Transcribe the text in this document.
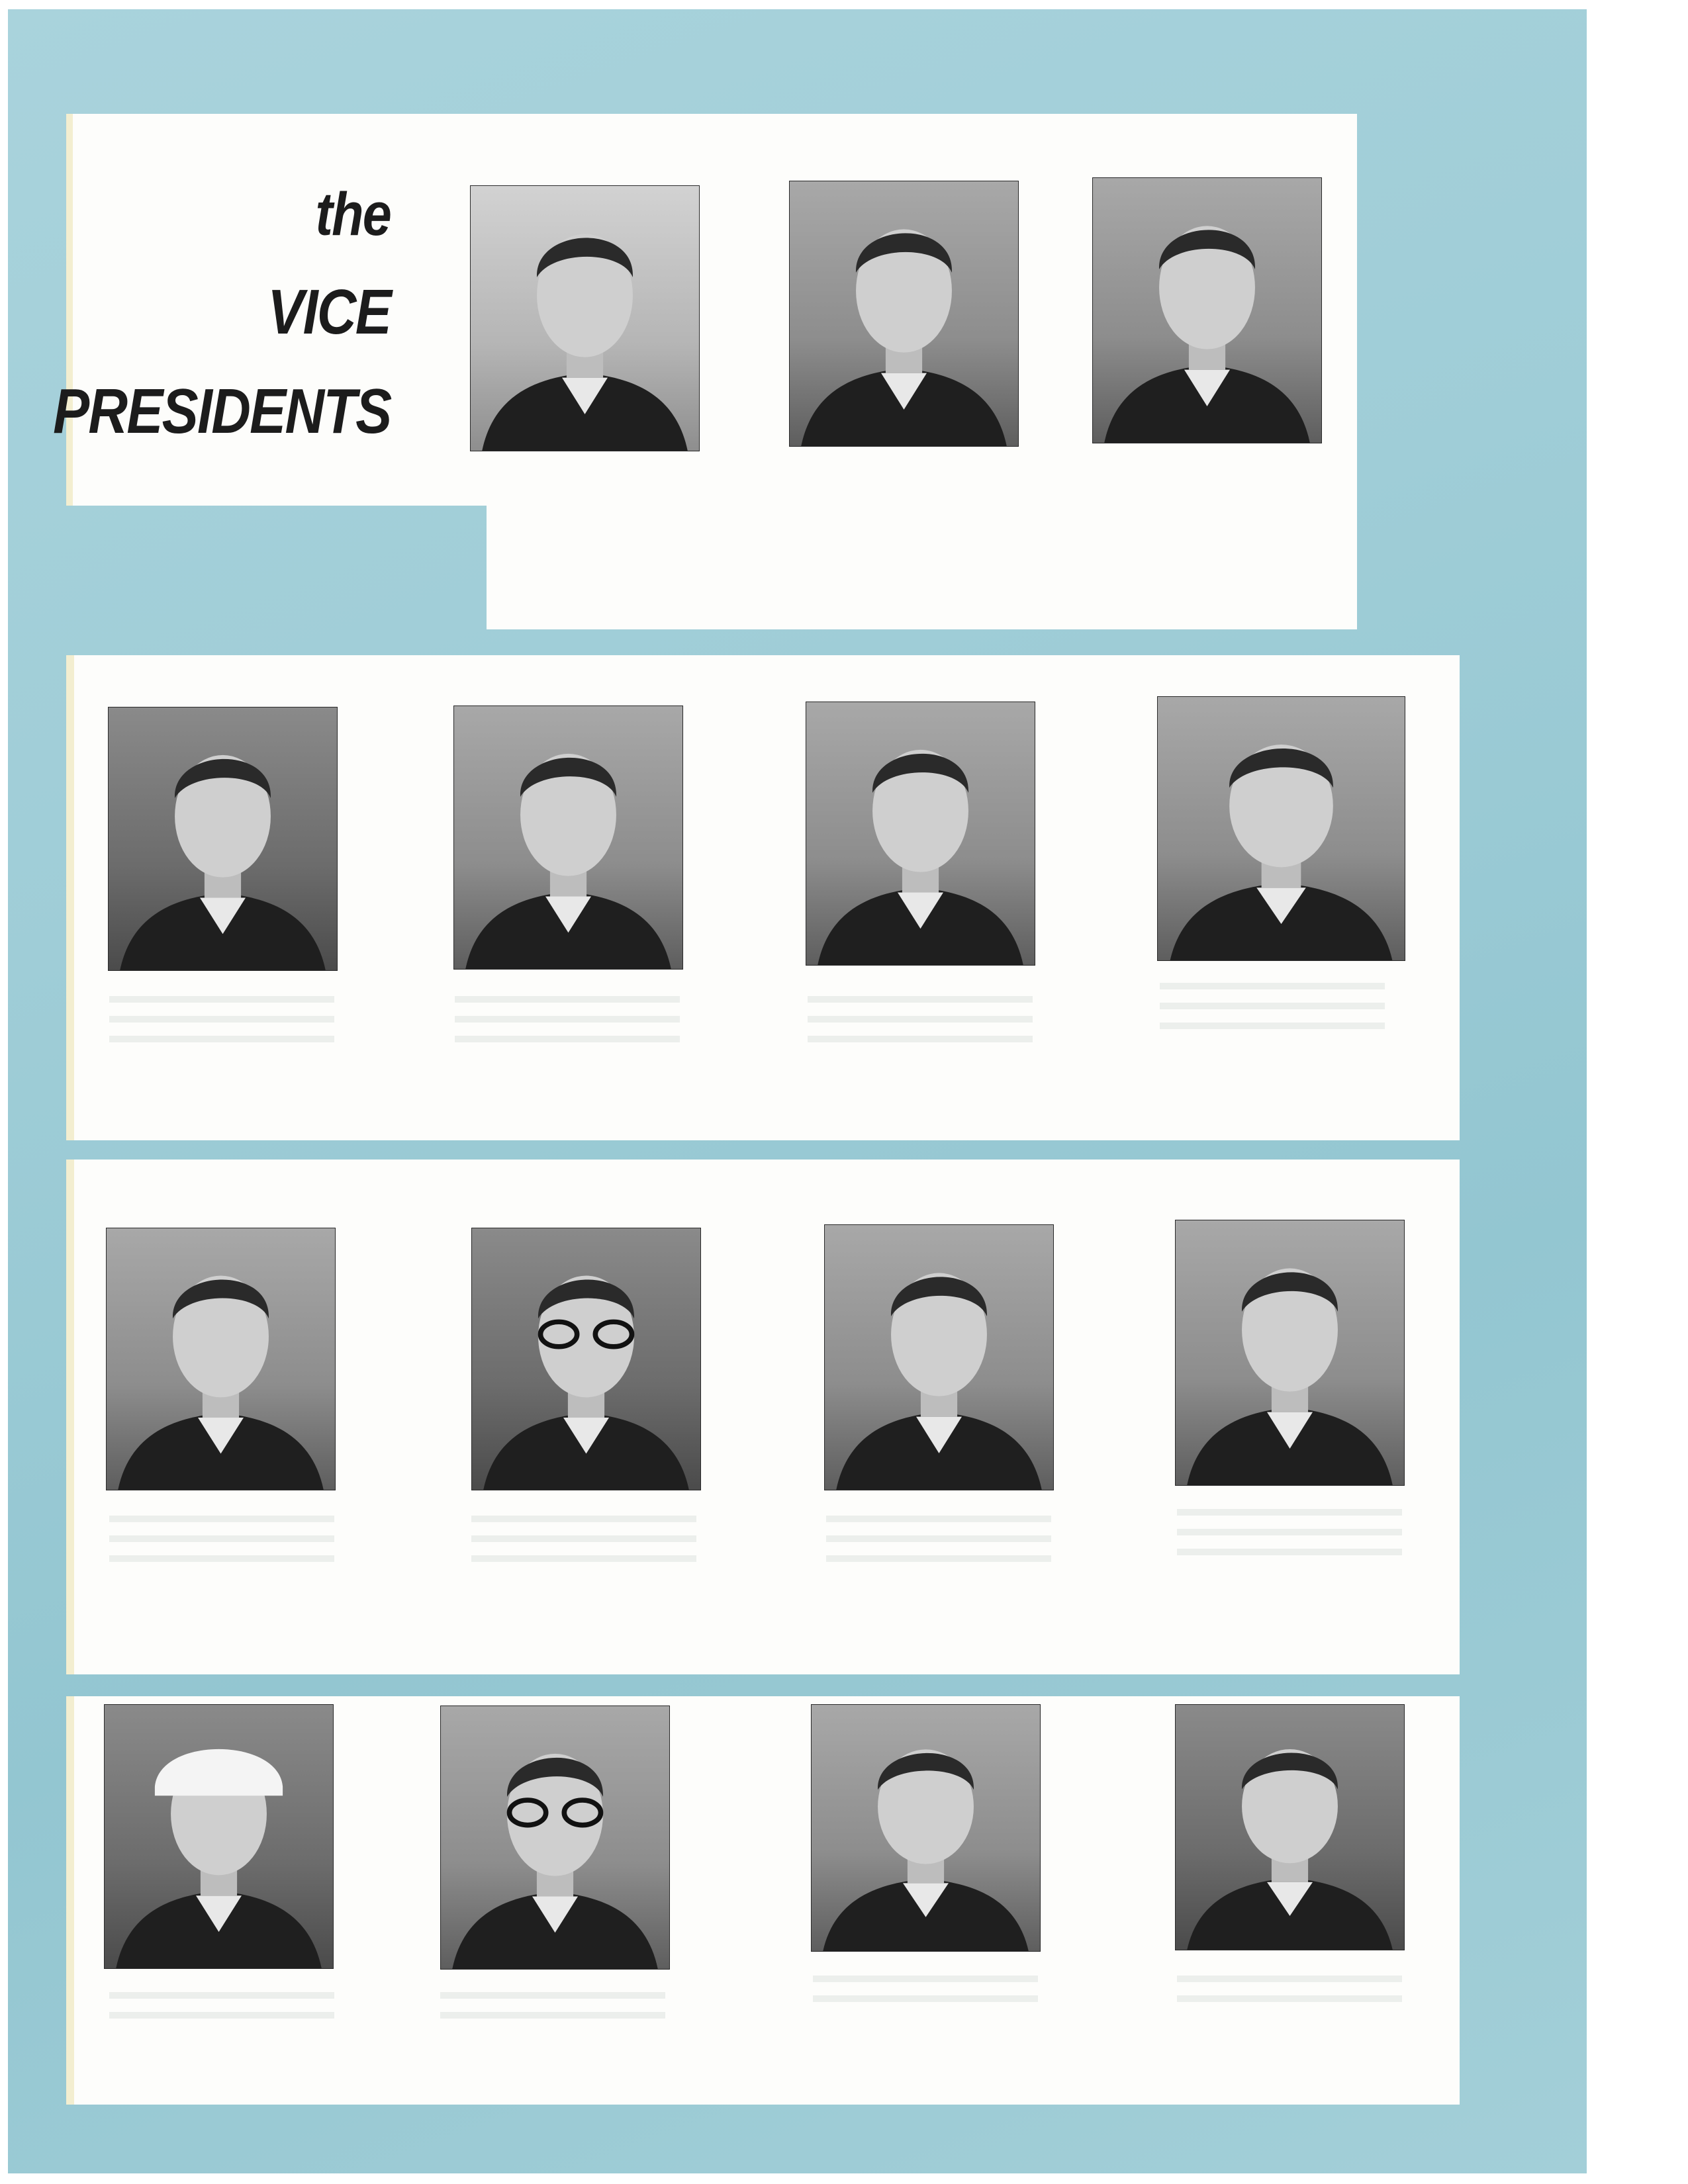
the

VICE

PRESIDENTS
